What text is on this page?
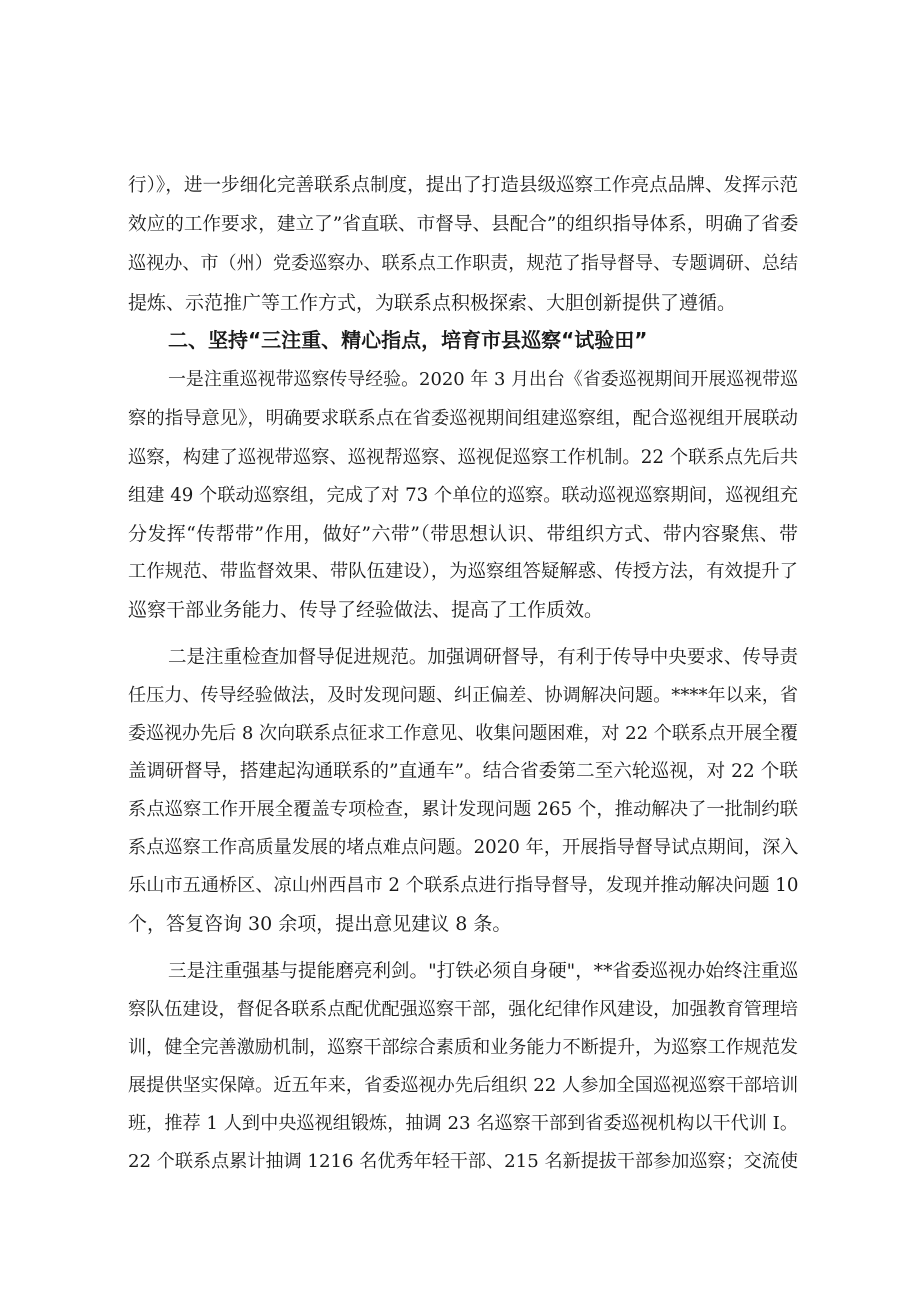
行）》，进一步细化完善联系点制度，提出了打造县级巡察工作亮点品牌、发挥示范
效应的工作要求，建立了”省直联、市督导、县配合”的组织指导体系，明确了省委
巡视办、市（州）党委巡察办、联系点工作职责，规范了指导督导、专题调研、总结
提炼、示范推广等工作方式，为联系点积极探索、大胆创新提供了遵循。
二、坚持“三注重、精心指点，培育市县巡察“试验田”
一是注重巡视带巡察传导经验。2020 年 3 月出台《省委巡视期间开展巡视带巡
察的指导意见》，明确要求联系点在省委巡视期间组建巡察组，配合巡视组开展联动
巡察，构建了巡视带巡察、巡视帮巡察、巡视促巡察工作机制。22 个联系点先后共
组建 49 个联动巡察组，完成了对 73 个单位的巡察。联动巡视巡察期间，巡视组充
分发挥“传帮带”作用，做好”六带”（带思想认识、带组织方式、带内容聚焦、带
工作规范、带监督效果、带队伍建设），为巡察组答疑解惑、传授方法，有效提升了
巡察干部业务能力、传导了经验做法、提高了工作质效。
二是注重检查加督导促进规范。加强调研督导，有利于传导中央要求、传导责
任压力、传导经验做法，及时发现问题、纠正偏差、协调解决问题。****年以来，省
委巡视办先后 8 次向联系点征求工作意见、收集问题困难，对 22 个联系点开展全覆
盖调研督导，搭建起沟通联系的”直通车”。结合省委第二至六轮巡视，对 22 个联
系点巡察工作开展全覆盖专项检查，累计发现问题 265 个，推动解决了一批制约联
系点巡察工作高质量发展的堵点难点问题。2020 年，开展指导督导试点期间，深入
乐山市五通桥区、凉山州西昌市 2 个联系点进行指导督导，发现并推动解决问题 10
个，答复咨询 30 余项，提出意见建议 8 条。
三是注重强基与提能磨亮利剑。"打铁必须自身硬"，**省委巡视办始终注重巡
察队伍建设，督促各联系点配优配强巡察干部，强化纪律作风建设，加强教育管理培
训，健全完善激励机制，巡察干部综合素质和业务能力不断提升，为巡察工作规范发
展提供坚实保障。近五年来，省委巡视办先后组织 22 人参加全国巡视巡察干部培训
班，推荐 1 人到中央巡视组锻炼，抽调 23 名巡察干部到省委巡视机构以干代训 I。
22 个联系点累计抽调 1216 名优秀年轻干部、215 名新提拔干部参加巡察；交流使
